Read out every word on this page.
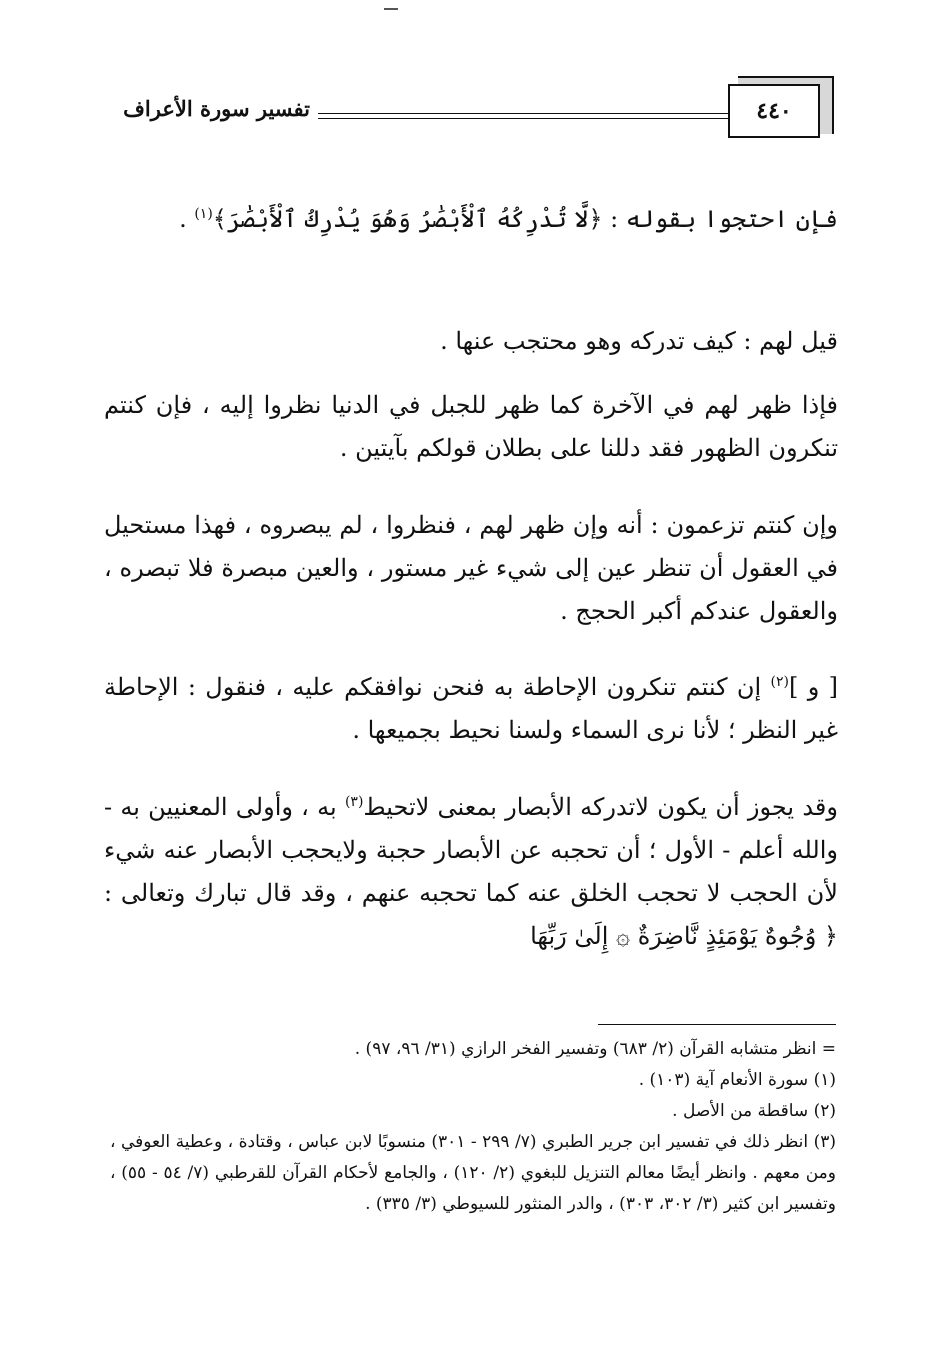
٤٤٠
تفسير سورة الأعراف

فإن احتجوا بقوله : ﴿لَّا تُدْرِكُهُ ٱلْأَبْصَٰرُ وَهُوَ يُدْرِكُ ٱلْأَبْصَٰرَ﴾$^{(١)}$ .

قيل لهم : كيف تدركه وهو محتجب عنها .

فإذا ظهر لهم في الآخرة كما ظهر للجبل في الدنيا نظروا إليه ، فإن كنتم تنكرون الظهور فقد دللنا على بطلان قولكم بآيتين .

وإن كنتم تزعمون : أنه وإن ظهر لهم ، فنظروا ، لم يبصروه ، فهذا مستحيل في العقول أن تنظر عين إلى شيء غير مستور ، والعين مبصرة فلا تبصره ، والعقول عندكم أكبر الحجج .

[ و ]$^{(٢)}$ إن كنتم تنكرون الإحاطة به فنحن نوافقكم عليه ، فنقول : الإحاطة غير النظر ؛ لأنا نرى السماء ولسنا نحيط بجميعها .

وقد يجوز أن يكون لاتدركه الأبصار بمعنى لاتحيط$^{(٣)}$ به ، وأولى المعنيين به - والله أعلم - الأول ؛ أن تحجبه عن الأبصار حجبة ولايحجب الأبصار عنه شيء لأن الحجب لا تحجب الخلق عنه كما تحجبه عنهم ، وقد قال تبارك وتعالى : ﴿ وُجُوهٌ يَوْمَئِذٍ نَّاضِرَةٌ ۞ إِلَىٰ رَبِّهَا

= انظر متشابه القرآن (٢/ ٦٨٣) وتفسير الفخر الرازي (٣١/ ٩٦، ٩٧) .

(١) سورة الأنعام آية (١٠٣) .

(٢) ساقطة من الأصل .

(٣) انظر ذلك في تفسير ابن جرير الطبري (٧/ ٢٩٩ - ٣٠١) منسوبًا لابن عباس ، وقتادة ، وعطية العوفي ، ومن معهم . وانظر أيضًا معالم التنزيل للبغوي (٢/ ١٢٠) ، والجامع لأحكام القرآن للقرطبي (٧/ ٥٤ - ٥٥) ، وتفسير ابن كثير (٣/ ٣٠٢، ٣٠٣) ، والدر المنثور للسيوطي (٣/ ٣٣٥) .
